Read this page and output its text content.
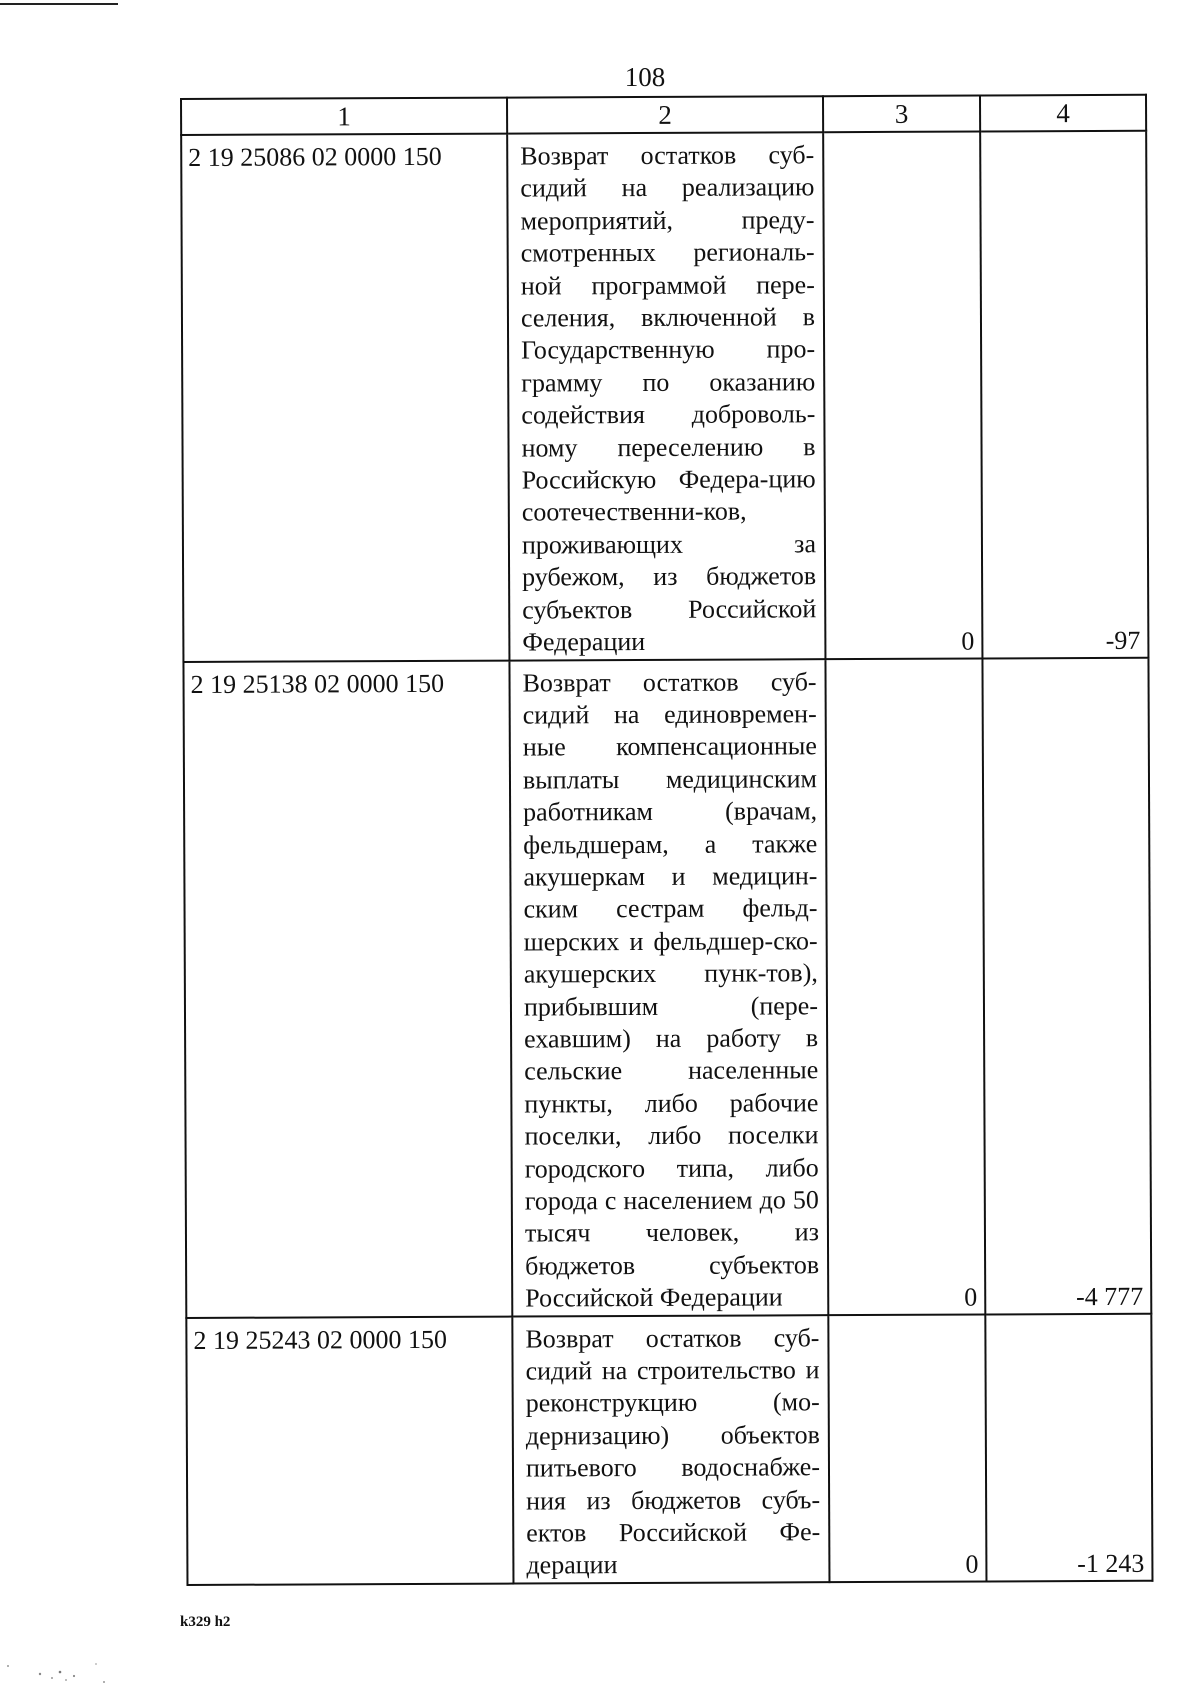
108
1	2	3	4

2 19 25086 02 0000 150	Возврат остатков суб-сидий на реализацию мероприятий, преду-смотренных региональ-ной программой пере-селения, включенной в Государственную про-грамму по оказанию содействия доброволь-ному переселению в Российскую Федера-цию соотечественни-ков, проживающих за рубежом, из бюджетов субъектов Российской Федерации	0	-97

2 19 25138 02 0000 150	Возврат остатков суб-сидий на единовремен-ные компенсационные выплаты медицинским работникам (врачам, фельдшерам, а также акушеркам и медицин-ским сестрам фельд-шерских и фельдшер-ско-акушерских пунк-тов), прибывшим (пере-ехавшим) на работу в сельские населенные пункты, либо рабочие поселки, либо поселки городского типа, либо города с населением до 50 тысяч человек, из бюджетов субъектов Российской Федерации	0	-4 777

2 19 25243 02 0000 150	Возврат остатков суб-сидий на строительство и реконструкцию (мо-дернизацию) объектов питьевого водоснабже-ния из бюджетов субъ-ектов Российской Фе-дерации	0	-1 243
k329 h2
